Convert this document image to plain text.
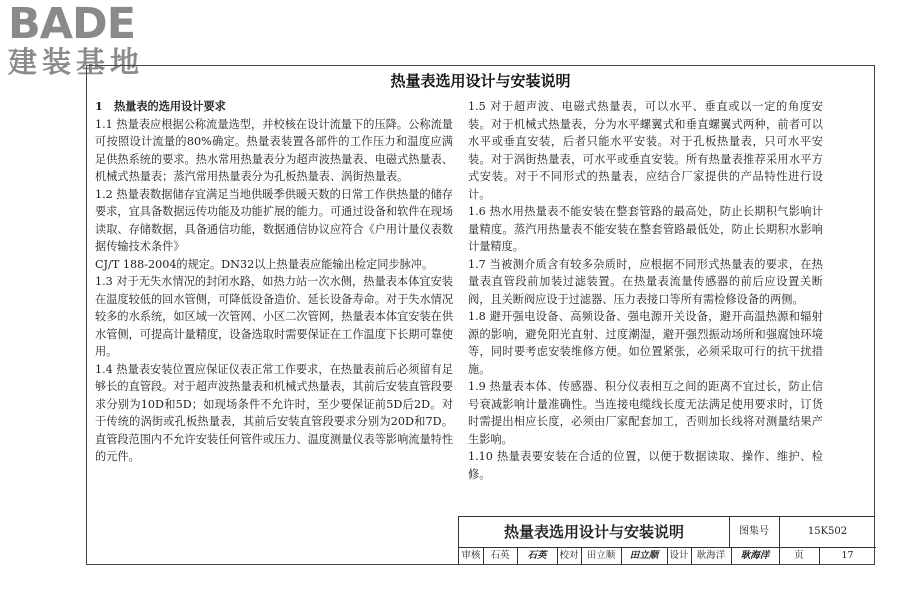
BADE
建装基地
热量表选用设计与安装说明

1　热量表的选用设计要求

1.1 热量表应根据公称流量选型，并校核在设计流量下的压降。公称流量可按照设计流量的80%确定。热量表装置各部件的工作压力和温度应满足供热系统的要求。热水常用热量表分为超声波热量表、电磁式热量表、机械式热量表；蒸汽常用热量表分为孔板热量表、涡街热量表。

1.2 热量表数据储存宜满足当地供暖季供暖天数的日常工作供热量的储存要求，宜具备数据远传功能及功能扩展的能力。可通过设备和软件在现场读取、存储数据，具备通信功能，数据通信协议应符合《户用计量仪表数据传输技术条件》

CJ/T 188-2004的规定。DN32以上热量表应能输出检定同步脉冲。

1.3 对于无失水情况的封闭水路，如热力站一次水侧，热量表本体宜安装在温度较低的回水管侧，可降低设备造价、延长设备寿命。对于失水情况较多的水系统，如区域一次管网、小区二次管网，热量表本体宜安装在供水管侧，可提高计量精度，设备选取时需要保证在工作温度下长期可靠使用。

1.4 热量表安装位置应保证仪表正常工作要求，在热量表前后必须留有足够长的直管段。对于超声波热量表和机械式热量表，其前后安装直管段要求分别为10D和5D；如现场条件不允许时，至少要保证前5D后2D。对于传统的涡街或孔板热量表，其前后安装直管段要求分别为20D和7D。直管段范围内不允许安装任何管件或压力、温度测量仪表等影响流量特性的元件。

1.5 对于超声波、电磁式热量表，可以水平、垂直或以一定的角度安装。对于机械式热量表，分为水平螺翼式和垂直螺翼式两种，前者可以水平或垂直安装，后者只能水平安装。对于孔板热量表，只可水平安装。对于涡街热量表，可水平或垂直安装。所有热量表推荐采用水平方式安装。对于不同形式的热量表，应结合厂家提供的产品特性进行设计。

1.6 热水用热量表不能安装在整套管路的最高处，防止长期积气影响计量精度。蒸汽用热量表不能安装在整套管路最低处，防止长期积水影响计量精度。

1.7 当被测介质含有较多杂质时，应根据不同形式热量表的要求，在热量表直管段前加装过滤装置。在热量表流量传感器的前后应设置关断阀，且关断阀应设于过滤器、压力表接口等所有需检修设备的两侧。

1.8 避开强电设备、高频设备、强电源开关设备，避开高温热源和辐射源的影响，避免阳光直射、过度潮湿，避开强烈振动场所和强腐蚀环境等，同时要考虑安装维修方便。如位置紧张，必须采取可行的抗干扰措施。

1.9 热量表本体、传感器、积分仪表相互之间的距离不宜过长，防止信号衰减影响计量准确性。当连接电缆线长度无法满足使用要求时，订货时需提出相应长度，必须由厂家配套加工，否则加长线将对测量结果产生影响。

1.10 热量表要安装在合适的位置，以便于数据读取、操作、维护、检修。

热量表选用设计与安装说明	图集号	15K502
审核	石英	石英	校对 田立顺	田立顺	设计 耿海洋	耿海洋	页	17
